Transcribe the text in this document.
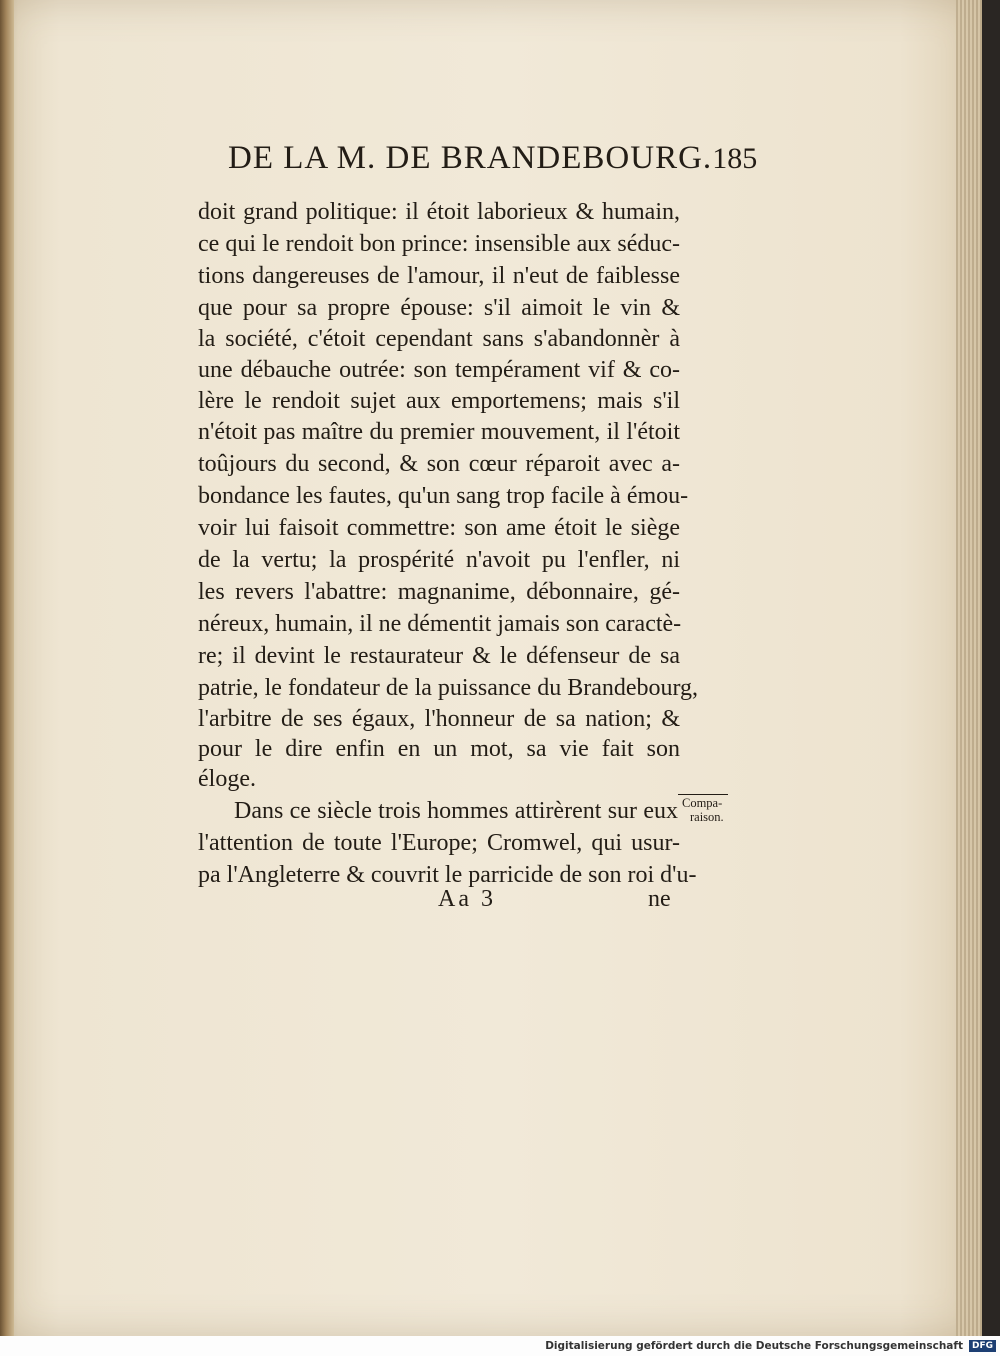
DE LA M. DE BRANDEBOURG. 185
doit grand politique: il étoit laborieux & humain,
ce qui le rendoit bon prince: insensible aux séduc-
tions dangereuses de l'amour, il n'eut de faiblesse
que pour sa propre épouse: s'il aimoit le vin &
la société, c'étoit cependant sans s'abandonnèr à
une débauche outrée: son tempérament vif & co-
lère le rendoit sujet aux emportemens; mais s'il
n'étoit pas maître du premier mouvement, il l'étoit
toûjours du second, & son cœur réparoit avec a-
bondance les fautes, qu'un sang trop facile à émou-
voir lui faisoit commettre: son ame étoit le siège
de la vertu; la prospérité n'avoit pu l'enfler, ni
les revers l'abattre: magnanime, débonnaire, gé-
néreux, humain, il ne démentit jamais son caractè-
re; il devint le restaurateur & le défenseur de sa
patrie, le fondateur de la puissance du Brandebourg,
l'arbitre de ses égaux, l'honneur de sa nation; &
pour le dire enfin en un mot, sa vie fait son
éloge.
Dans ce siècle trois hommes attirèrent sur eux
l'attention de toute l'Europe; Cromwel, qui usur-
pa l'Angleterre & couvrit le parricide de son roi d'u-
Compa-
raison.
Aa 3	ne
Digitalisierung gefördert durch die Deutsche Forschungsgemeinschaft	DFG
